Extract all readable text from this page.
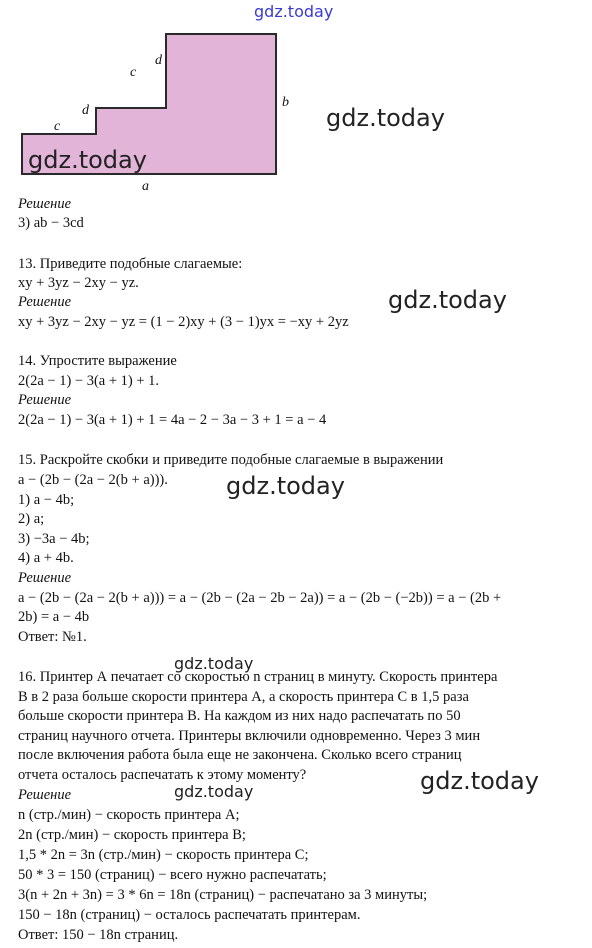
gdz.today
c
d
d
c
b
a
gdz.today
gdz.today
Решение
3) ab − 3cd
13. Приведите подобные слагаемые:
xy + 3yz − 2xy − yz.
Решение
xy + 3yz − 2xy − yz = (1 − 2)xy + (3 − 1)yx = −xy + 2yz
gdz.today
14. Упростите выражение
2(2a − 1) − 3(a + 1) + 1.
Решение
2(2a − 1) − 3(a + 1) + 1 = 4a − 2 − 3a − 3 + 1 = a − 4
15. Раскройте скобки и приведите подобные слагаемые в выражении
a − (2b − (2a − 2(b + a))).
1) a − 4b;
2) a;
3) −3a − 4b;
4) a + 4b.
Решение
a − (2b − (2a − 2(b + a))) = a − (2b − (2a − 2b − 2a)) = a − (2b − (−2b)) = a − (2b +
2b) = a − 4b
Ответ: №1.
gdz.today
gdz.today
16. Принтер А печатает со скоростью n страниц в минуту. Скорость принтера
В в 2 раза больше скорости принтера А, а скорость принтера С в 1,5 раза
больше скорости принтера В. На каждом из них надо распечатать по 50
страниц научного отчета. Принтеры включили одновременно. Через 3 мин
после включения работа была еще не закончена. Сколько всего страниц
отчета осталось распечатать к этому моменту?	gdz.today
Решение	gdz.today
n (стр./мин) − скорость принтера А;
2n (стр./мин) − скорость принтера В;
1,5 * 2n = 3n (стр./мин) − скорость принтера С;
50 * 3 = 150 (страниц) − всего нужно распечатать;
3(n + 2n + 3n) = 3 * 6n = 18n (страниц) − распечатано за 3 минуты;
150 − 18n (страниц) − осталось распечатать принтерам.
Ответ: 150 − 18n страниц.
